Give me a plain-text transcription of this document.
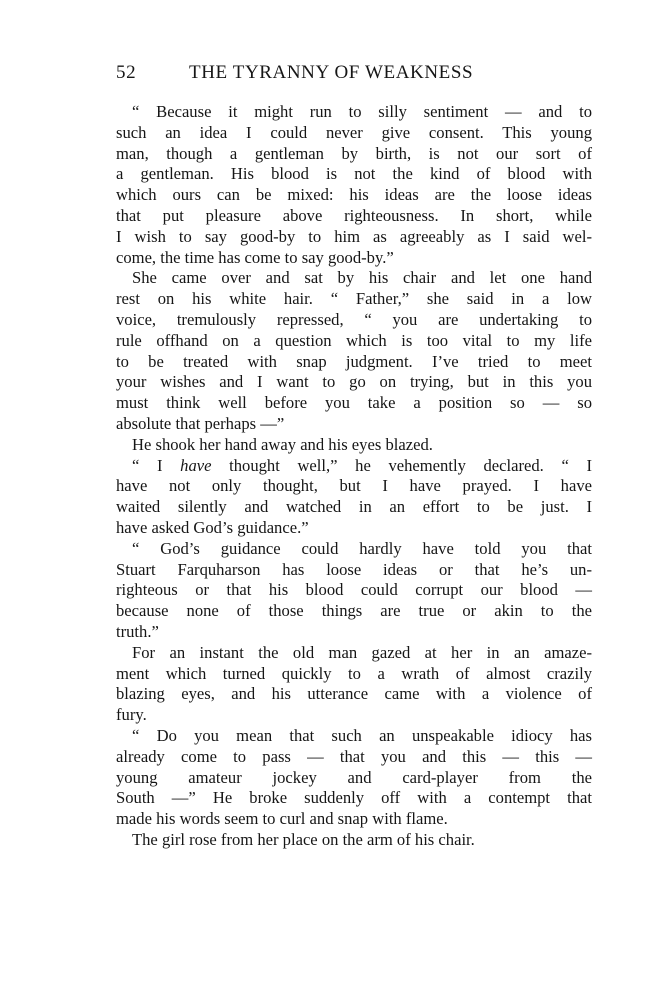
52	THE TYRANNY OF WEAKNESS
“ Because it might run to silly sentiment — and to
such an idea I could never give consent. This young
man, though a gentleman by birth, is not our sort of
a gentleman. His blood is not the kind of blood with
which ours can be mixed: his ideas are the loose ideas
that put pleasure above righteousness. In short, while
I wish to say good-by to him as agreeably as I said wel-
come, the time has come to say good-by.”
She came over and sat by his chair and let one hand
rest on his white hair. “ Father,” she said in a low
voice, tremulously repressed, “ you are undertaking to
rule offhand on a question which is too vital to my life
to be treated with snap judgment. I’ve tried to meet
your wishes and I want to go on trying, but in this you
must think well before you take a position so — so
absolute that perhaps —”
He shook her hand away and his eyes blazed.
“ I have thought well,” he vehemently declared. “ I
have not only thought, but I have prayed. I have
waited silently and watched in an effort to be just. I
have asked God’s guidance.”
“ God’s guidance could hardly have told you that
Stuart Farquharson has loose ideas or that he’s un-
righteous or that his blood could corrupt our blood —
because none of those things are true or akin to the
truth.”
For an instant the old man gazed at her in an amaze-
ment which turned quickly to a wrath of almost crazily
blazing eyes, and his utterance came with a violence of
fury.
“ Do you mean that such an unspeakable idiocy has
already come to pass — that you and this — this —
young amateur jockey and card-player from the
South —” He broke suddenly off with a contempt that
made his words seem to curl and snap with flame.
The girl rose from her place on the arm of his chair.
